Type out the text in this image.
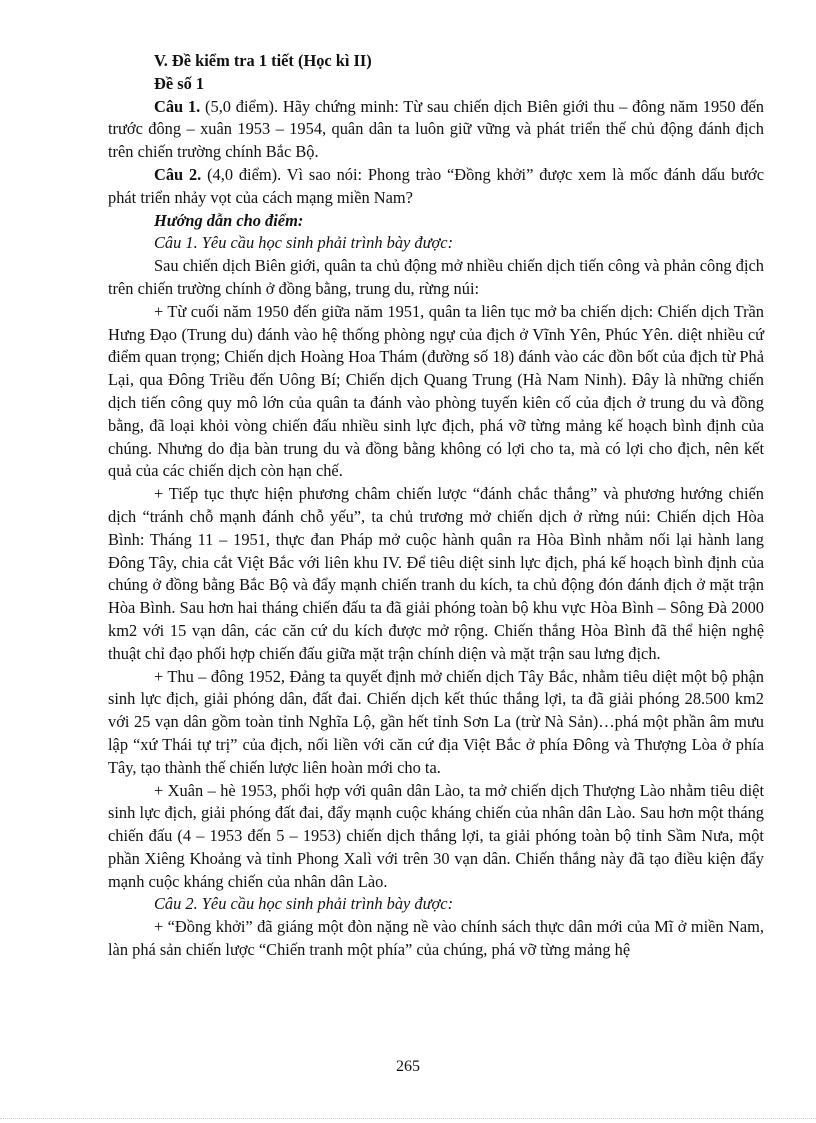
V. Đề kiểm tra 1 tiết (Học kì II)

Đề số 1

Câu 1. (5,0 điểm). Hãy chứng minh: Từ sau chiến dịch Biên giới thu – đông năm 1950 đến trước đông – xuân 1953 – 1954, quân dân ta luôn giữ vững và phát triển thế chủ động đánh địch trên chiến trường chính Bắc Bộ.

Câu 2. (4,0 điểm). Vì sao nói: Phong trào “Đồng khởi” được xem là mốc đánh dấu bước phát triển nhảy vọt của cách mạng miền Nam?

Hướng dẫn cho điểm:

Câu 1. Yêu cầu học sinh phải trình bày được:

Sau chiến dịch Biên giới, quân ta chủ động mở nhiều chiến dịch tiến công và phản công địch trên chiến trường chính ở đồng bằng, trung du, rừng núi:

+ Từ cuối năm 1950 đến giữa năm 1951, quân ta liên tục mở ba chiến dịch: Chiến dịch Trần Hưng Đạo (Trung du) đánh vào hệ thống phòng ngự của địch ở Vĩnh Yên, Phúc Yên. diệt nhiều cứ điểm quan trọng; Chiến dịch Hoàng Hoa Thám (đường số 18) đánh vào các đồn bốt của địch từ Phả Lại, qua Đông Triều đến Uông Bí; Chiến dịch Quang Trung (Hà Nam Ninh). Đây là những chiến dịch tiến công quy mô lớn của quân ta đánh vào phòng tuyến kiên cố của địch ở trung du và đồng bằng, đã loại khỏi vòng chiến đấu nhiều sinh lực địch, phá vỡ từng mảng kế hoạch bình định của chúng. Nhưng do địa bàn trung du và đồng bằng không có lợi cho ta, mà có lợi cho địch, nên kết quả của các chiến dịch còn hạn chế.

+ Tiếp tục thực hiện phương châm chiến lược “đánh chắc thắng” và phương hướng chiến dịch “tránh chỗ mạnh đánh chỗ yếu”, ta chủ trương mở chiến dịch ở rừng núi: Chiến dịch Hòa Bình: Tháng 11 – 1951, thực đan Pháp mở cuộc hành quân ra Hòa Bình nhằm nối lại hành lang Đông Tây, chia cắt Việt Bắc với liên khu IV. Để tiêu diệt sinh lực địch, phá kế hoạch bình định của chúng ở đồng bằng Bắc Bộ và đẩy mạnh chiến tranh du kích, ta chủ động đón đánh địch ở mặt trận Hòa Bình. Sau hơn hai tháng chiến đấu ta đã giải phóng toàn bộ khu vực Hòa Bình – Sông Đà 2000 km2 với 15 vạn dân, các căn cứ du kích được mở rộng. Chiến thắng Hòa Bình đã thể hiện nghệ thuật chỉ đạo phối hợp chiến đấu giữa mặt trận chính diện và mặt trận sau lưng địch.

+ Thu – đông 1952, Đảng ta quyết định mở chiến dịch Tây Bắc, nhằm tiêu diệt một bộ phận sinh lực địch, giải phóng dân, đất đai. Chiến dịch kết thúc thắng lợi, ta đã giải phóng 28.500 km2 với 25 vạn dân gồm toàn tỉnh Nghĩa Lộ, gần hết tỉnh Sơn La (trừ Nà Sản)…phá một phần âm mưu lập “xứ Thái tự trị” của địch, nối liền với căn cứ địa Việt Bắc ở phía Đông và Thượng Lòa ở phía Tây, tạo thành thế chiến lược liên hoàn mới cho ta.

+ Xuân – hè 1953, phối hợp với quân dân Lào, ta mở chiến dịch Thượng Lào nhằm tiêu diệt sinh lực địch, giải phóng đất đai, đẩy mạnh cuộc kháng chiến của nhân dân Lào. Sau hơn một tháng chiến đấu (4 – 1953 đến 5 – 1953) chiến dịch thắng lợi, ta giải phóng toàn bộ tỉnh Sầm Nưa, một phần Xiêng Khoảng và tỉnh Phong Xalì với trên 30 vạn dân. Chiến thắng này đã tạo điều kiện đẩy mạnh cuộc kháng chiến của nhân dân Lào.

Câu 2. Yêu cầu học sinh phải trình bày được:

+ “Đồng khởi” đã giáng một đòn nặng nề vào chính sách thực dân mới của Mĩ ở miền Nam, làn phá sản chiến lược “Chiến tranh một phía” của chúng, phá vỡ từng mảng hệ

265
